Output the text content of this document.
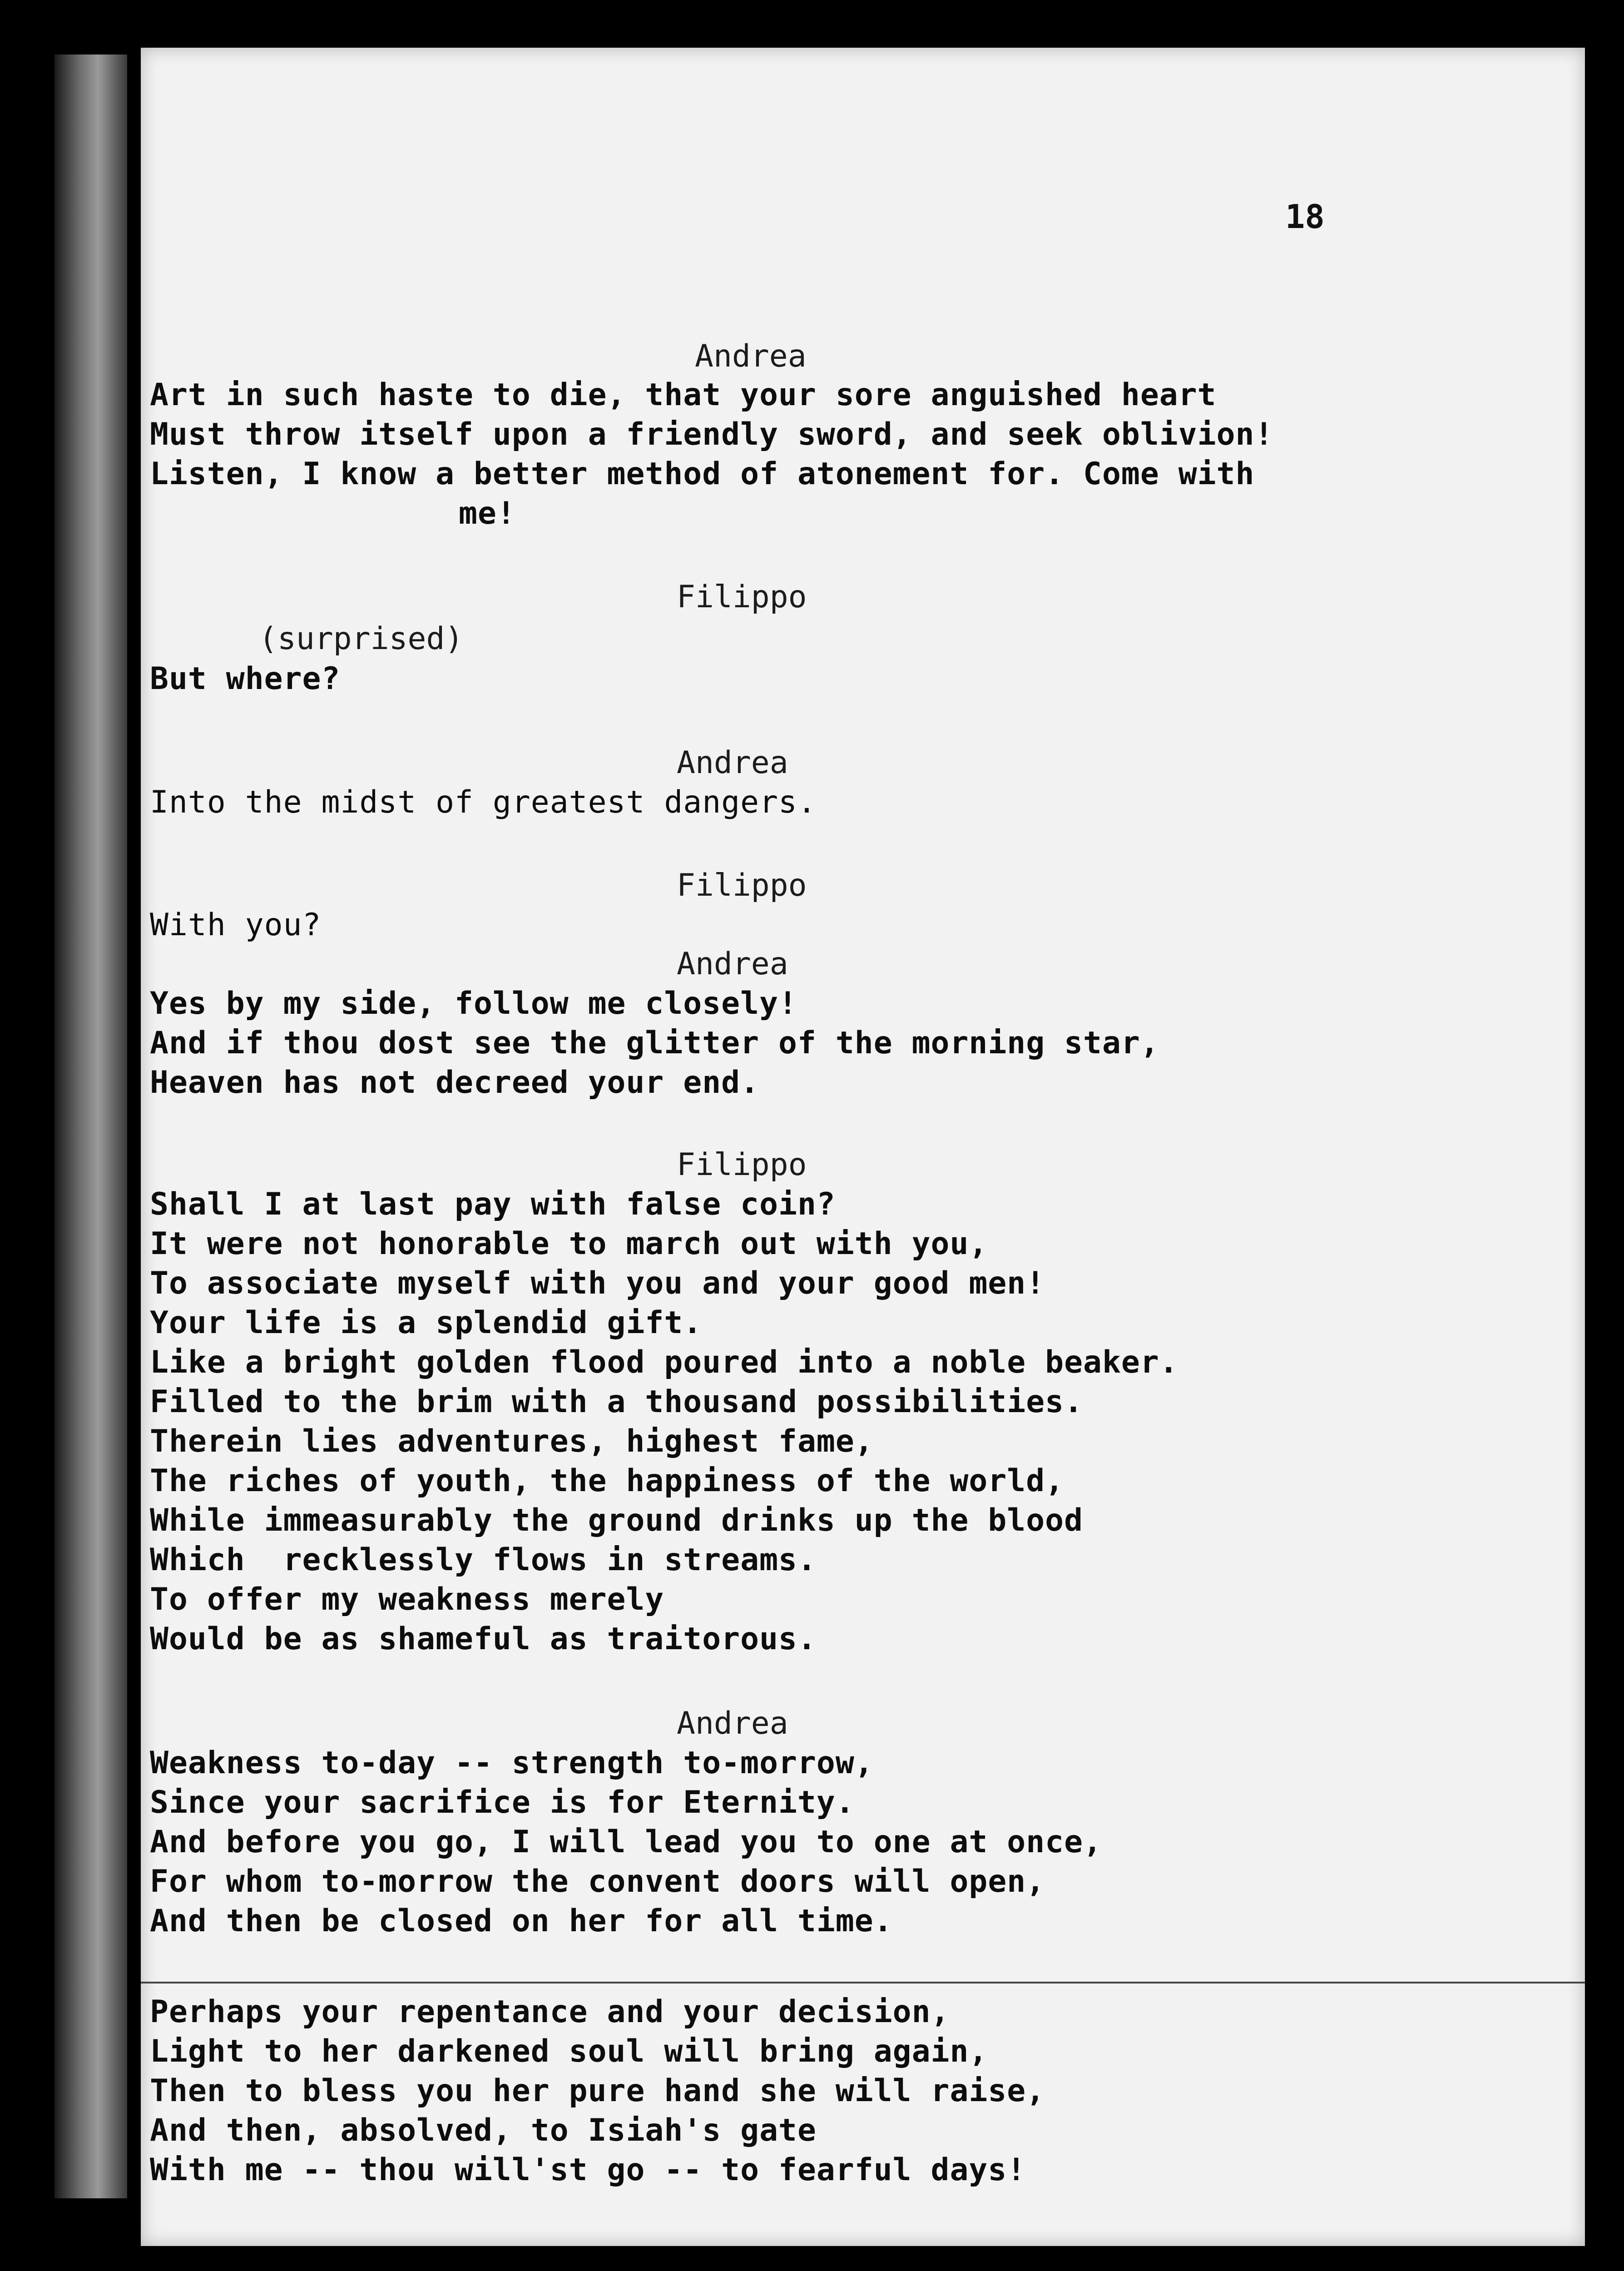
18
Andrea
Art in such haste to die, that your sore anguished heart
Must throw itself upon a friendly sword, and seek oblivion!
Listen, I know a better method of atonement for. Come with
me!
Filippo
(surprised)
But where?
Andrea
Into the midst of greatest dangers.
Filippo
With you?
Andrea
Yes by my side, follow me closely!
And if thou dost see the glitter of the morning star,
Heaven has not decreed your end.
Filippo
Shall I at last pay with false coin?
It were not honorable to march out with you,
To associate myself with you and your good men!
Your life is a splendid gift.
Like a bright golden flood poured into a noble beaker.
Filled to the brim with a thousand possibilities.
Therein lies adventures, highest fame,
The riches of youth, the happiness of the world,
While immeasurably the ground drinks up the blood
Which  recklessly flows in streams.
To offer my weakness merely
Would be as shameful as traitorous.
Andrea
Weakness to-day -- strength to-morrow,
Since your sacrifice is for Eternity.
And before you go, I will lead you to one at once,
For whom to-morrow the convent doors will open,
And then be closed on her for all time.
Perhaps your repentance and your decision,
Light to her darkened soul will bring again,
Then to bless you her pure hand she will raise,
And then, absolved, to Isiah's gate
With me -- thou will'st go -- to fearful days!
